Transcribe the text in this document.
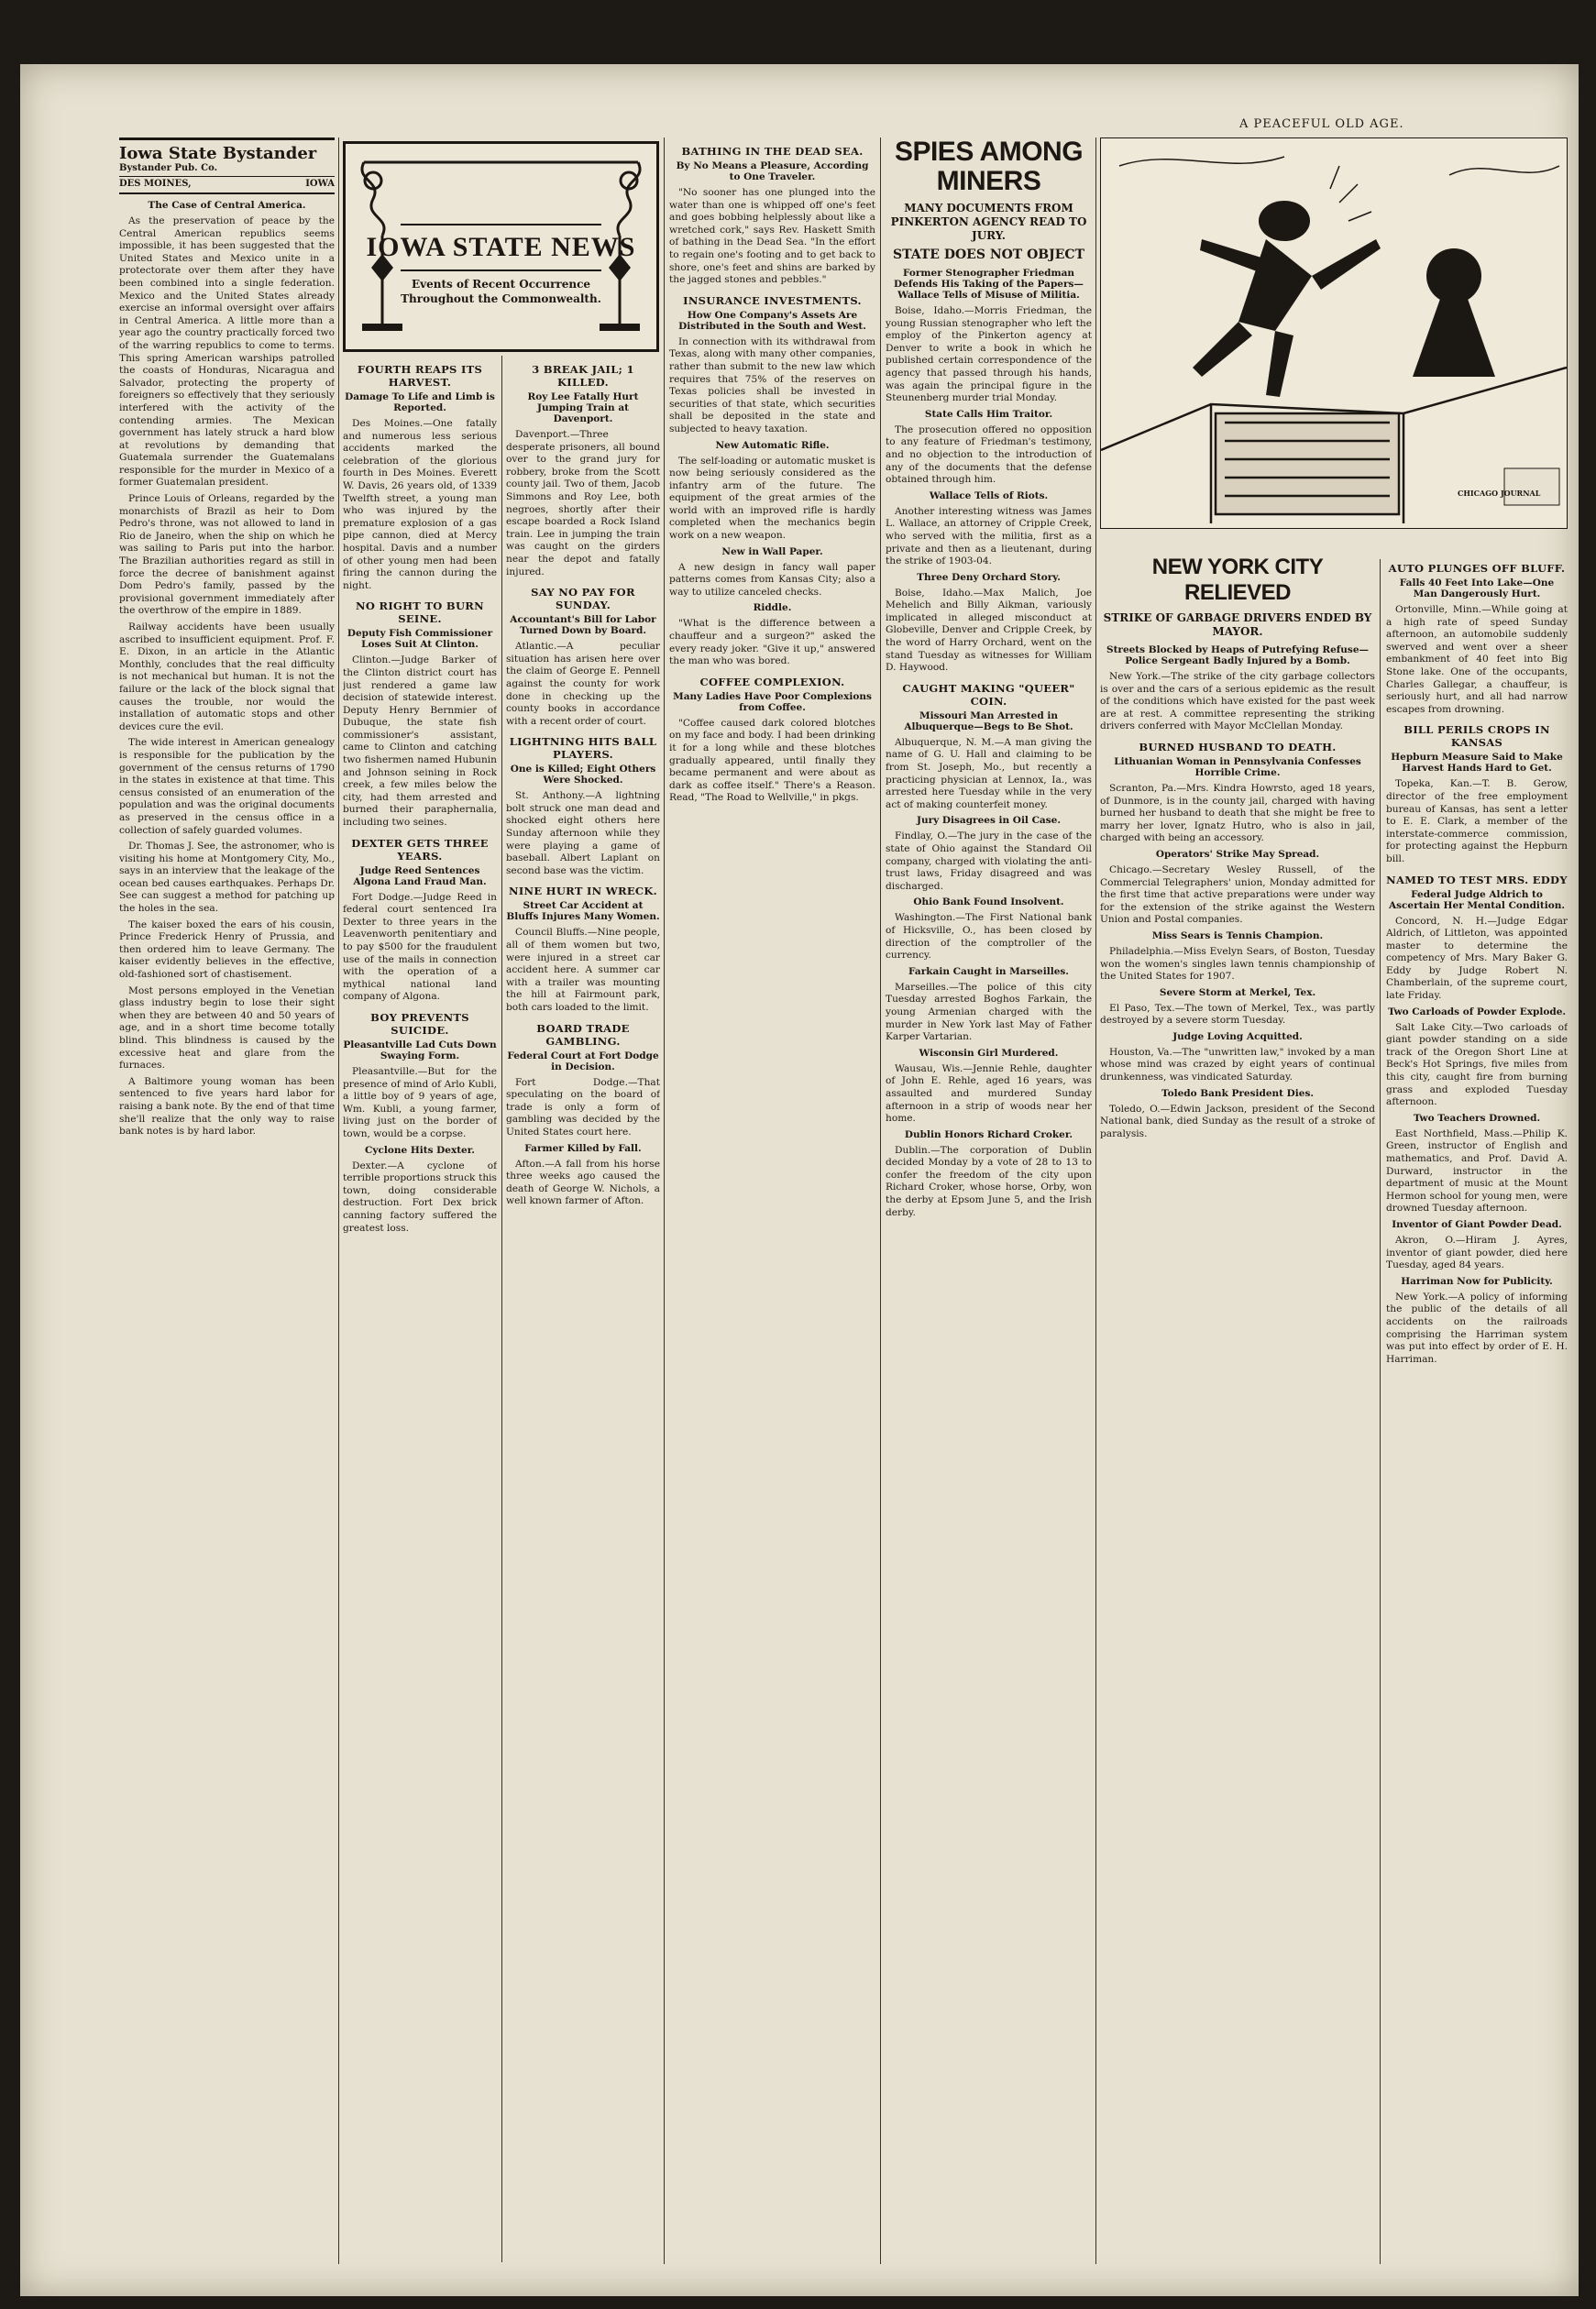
A PEACEFUL OLD AGE.
Iowa State Bystander
Bystander Pub. Co.
DES MOINES,	IOWA
The Case of Central America.

As the preservation of peace by the Central American republics seems impossible, it has been suggested that the United States and Mexico unite in a protectorate over them after they have been combined into a single federation. Mexico and the United States already exercise an informal oversight over affairs in Central America. A little more than a year ago the country practically forced two of the warring republics to come to terms. This spring American warships patrolled the coasts of Honduras, Nicaragua and Salvador, protecting the property of foreigners so effectively that they seriously interfered with the activity of the contending armies. The Mexican government has lately struck a hard blow at revolutions by demanding that Guatemala surrender the Guatemalans responsible for the murder in Mexico of a former Guatemalan president.

Prince Louis of Orleans, regarded by the monarchists of Brazil as heir to Dom Pedro's throne, was not allowed to land in Rio de Janeiro, when the ship on which he was sailing to Paris put into the harbor. The Brazilian authorities regard as still in force the decree of banishment against Dom Pedro's family, passed by the provisional government immediately after the overthrow of the empire in 1889.

Railway accidents have been usually ascribed to insufficient equipment. Prof. F. E. Dixon, in an article in the Atlantic Monthly, concludes that the real difficulty is not mechanical but human. It is not the failure or the lack of the block signal that causes the trouble, nor would the installation of automatic stops and other devices cure the evil.

The wide interest in American genealogy is responsible for the publication by the government of the census returns of 1790 in the states in existence at that time. This census consisted of an enumeration of the population and was the original documents as preserved in the census office in a collection of safely guarded volumes.

Dr. Thomas J. See, the astronomer, who is visiting his home at Montgomery City, Mo., says in an interview that the leakage of the ocean bed causes earthquakes. Perhaps Dr. See can suggest a method for patching up the holes in the sea.

The kaiser boxed the ears of his cousin, Prince Frederick Henry of Prussia, and then ordered him to leave Germany. The kaiser evidently believes in the effective, old-fashioned sort of chastisement.

Most persons employed in the Venetian glass industry begin to lose their sight when they are between 40 and 50 years of age, and in a short time become totally blind. This blindness is caused by the excessive heat and glare from the furnaces.

A Baltimore young woman has been sentenced to five years hard labor for raising a bank note. By the end of that time she'll realize that the only way to raise bank notes is by hard labor.

IOWA STATE NEWS
Events of Recent Occurrence Throughout the Commonwealth.
FOURTH REAPS ITS HARVEST.
Damage To Life and Limb is Reported.

Des Moines.—One fatally and numerous less serious accidents marked the celebration of the glorious fourth in Des Moines. Everett W. Davis, 26 years old, of 1339 Twelfth street, a young man who was injured by the premature explosion of a gas pipe cannon, died at Mercy hospital. Davis and a number of other young men had been firing the cannon during the night.

NO RIGHT TO BURN SEINE.
Deputy Fish Commissioner Loses Suit At Clinton.

Clinton.—Judge Barker of the Clinton district court has just rendered a game law decision of statewide interest. Deputy Henry Bernmier of Dubuque, the state fish commissioner's assistant, came to Clinton and catching two fishermen named Hubunin and Johnson seining in Rock creek, a few miles below the city, had them arrested and burned their paraphernalia, including two seines.

DEXTER GETS THREE YEARS.
Judge Reed Sentences Algona Land Fraud Man.

Fort Dodge.—Judge Reed in federal court sentenced Ira Dexter to three years in the Leavenworth penitentiary and to pay $500 for the fraudulent use of the mails in connection with the operation of a mythical national land company of Algona.

BOY PREVENTS SUICIDE.
Pleasantville Lad Cuts Down Swaying Form.

Pleasantville.—But for the presence of mind of Arlo Kubli, a little boy of 9 years of age, Wm. Kubli, a young farmer, living just on the border of town, would be a corpse.

Cyclone Hits Dexter.

Dexter.—A cyclone of terrible proportions struck this town, doing considerable destruction. Fort Dex brick canning factory suffered the greatest loss.

3 BREAK JAIL; 1 KILLED.
Roy Lee Fatally Hurt Jumping Train at Davenport.

Davenport.—Three desperate prisoners, all bound over to the grand jury for robbery, broke from the Scott county jail. Two of them, Jacob Simmons and Roy Lee, both negroes, shortly after their escape boarded a Rock Island train. Lee in jumping the train was caught on the girders near the depot and fatally injured.

SAY NO PAY FOR SUNDAY.
Accountant's Bill for Labor Turned Down by Board.

Atlantic.—A peculiar situation has arisen here over the claim of George E. Pennell against the county for work done in checking up the county books in accordance with a recent order of court.

LIGHTNING HITS BALL PLAYERS.
One is Killed; Eight Others Were Shocked.

St. Anthony.—A lightning bolt struck one man dead and shocked eight others here Sunday afternoon while they were playing a game of baseball. Albert Laplant on second base was the victim.

NINE HURT IN WRECK.
Street Car Accident at Bluffs Injures Many Women.

Council Bluffs.—Nine people, all of them women but two, were injured in a street car accident here. A summer car with a trailer was mounting the hill at Fairmount park, both cars loaded to the limit.

BOARD TRADE GAMBLING.
Federal Court at Fort Dodge in Decision.

Fort Dodge.—That speculating on the board of trade is only a form of gambling was decided by the United States court here.

Farmer Killed by Fall.

Afton.—A fall from his horse three weeks ago caused the death of George W. Nichols, a well known farmer of Afton.

BATHING IN THE DEAD SEA.
By No Means a Pleasure, According to One Traveler.

"No sooner has one plunged into the water than one is whipped off one's feet and goes bobbing helplessly about like a wretched cork," says Rev. Haskett Smith of bathing in the Dead Sea. "In the effort to regain one's footing and to get back to shore, one's feet and shins are barked by the jagged stones and pebbles."

INSURANCE INVESTMENTS.
How One Company's Assets Are Distributed in the South and West.

In connection with its withdrawal from Texas, along with many other companies, rather than submit to the new law which requires that 75% of the reserves on Texas policies shall be invested in securities of that state, which securities shall be deposited in the state and subjected to heavy taxation.

New Automatic Rifle.

The self-loading or automatic musket is now being seriously considered as the infantry arm of the future. The equipment of the great armies of the world with an improved rifle is hardly completed when the mechanics begin work on a new weapon.

New in Wall Paper.

A new design in fancy wall paper patterns comes from Kansas City; also a way to utilize canceled checks.

Riddle.

"What is the difference between a chauffeur and a surgeon?" asked the every ready joker. "Give it up," answered the man who was bored.

COFFEE COMPLEXION.
Many Ladies Have Poor Complexions from Coffee.

"Coffee caused dark colored blotches on my face and body. I had been drinking it for a long while and these blotches gradually appeared, until finally they became permanent and were about as dark as coffee itself." There's a Reason. Read, "The Road to Wellville," in pkgs.

SPIES AMONG MINERS
MANY DOCUMENTS FROM PINKERTON AGENCY READ TO JURY.
STATE DOES NOT OBJECT
Former Stenographer Friedman Defends His Taking of the Papers—Wallace Tells of Misuse of Militia.

Boise, Idaho.—Morris Friedman, the young Russian stenographer who left the employ of the Pinkerton agency at Denver to write a book in which he published certain correspondence of the agency that passed through his hands, was again the principal figure in the Steunenberg murder trial Monday.

State Calls Him Traitor.

The prosecution offered no opposition to any feature of Friedman's testimony, and no objection to the introduction of any of the documents that the defense obtained through him.

Wallace Tells of Riots.

Another interesting witness was James L. Wallace, an attorney of Cripple Creek, who served with the militia, first as a private and then as a lieutenant, during the strike of 1903-04.

Three Deny Orchard Story.

Boise, Idaho.—Max Malich, Joe Mehelich and Billy Aikman, variously implicated in alleged misconduct at Globeville, Denver and Cripple Creek, by the word of Harry Orchard, went on the stand Tuesday as witnesses for William D. Haywood.

CAUGHT MAKING "QUEER" COIN.
Missouri Man Arrested in Albuquerque—Begs to Be Shot.

Albuquerque, N. M.—A man giving the name of G. U. Hall and claiming to be from St. Joseph, Mo., but recently a practicing physician at Lennox, Ia., was arrested here Tuesday while in the very act of making counterfeit money.

Jury Disagrees in Oil Case.

Findlay, O.—The jury in the case of the state of Ohio against the Standard Oil company, charged with violating the anti-trust laws, Friday disagreed and was discharged.

Ohio Bank Found Insolvent.

Washington.—The First National bank of Hicksville, O., has been closed by direction of the comptroller of the currency.

Farkain Caught in Marseilles.

Marseilles.—The police of this city Tuesday arrested Boghos Farkain, the young Armenian charged with the murder in New York last May of Father Karper Vartarian.

Wisconsin Girl Murdered.

Wausau, Wis.—Jennie Rehle, daughter of John E. Rehle, aged 16 years, was assaulted and murdered Sunday afternoon in a strip of woods near her home.

Dublin Honors Richard Croker.

Dublin.—The corporation of Dublin decided Monday by a vote of 28 to 13 to confer the freedom of the city upon Richard Croker, whose horse, Orby, won the derby at Epsom June 5, and the Irish derby.

CHICAGO JOURNAL
NEW YORK CITY RELIEVED
STRIKE OF GARBAGE DRIVERS ENDED BY MAYOR.
Streets Blocked by Heaps of Putrefying Refuse—Police Sergeant Badly Injured by a Bomb.

New York.—The strike of the city garbage collectors is over and the cars of a serious epidemic as the result of the conditions which have existed for the past week are at rest. A committee representing the striking drivers conferred with Mayor McClellan Monday.

BURNED HUSBAND TO DEATH.
Lithuanian Woman in Pennsylvania Confesses Horrible Crime.

Scranton, Pa.—Mrs. Kindra Howrsto, aged 18 years, of Dunmore, is in the county jail, charged with having burned her husband to death that she might be free to marry her lover, Ignatz Hutro, who is also in jail, charged with being an accessory.

Operators' Strike May Spread.

Chicago.—Secretary Wesley Russell, of the Commercial Telegraphers' union, Monday admitted for the first time that active preparations were under way for the extension of the strike against the Western Union and Postal companies.

Miss Sears is Tennis Champion.

Philadelphia.—Miss Evelyn Sears, of Boston, Tuesday won the women's singles lawn tennis championship of the United States for 1907.

Severe Storm at Merkel, Tex.

El Paso, Tex.—The town of Merkel, Tex., was partly destroyed by a severe storm Tuesday.

Judge Loving Acquitted.

Houston, Va.—The "unwritten law," invoked by a man whose mind was crazed by eight years of continual drunkenness, was vindicated Saturday.

Toledo Bank President Dies.

Toledo, O.—Edwin Jackson, president of the Second National bank, died Sunday as the result of a stroke of paralysis.

AUTO PLUNGES OFF BLUFF.
Falls 40 Feet Into Lake—One Man Dangerously Hurt.

Ortonville, Minn.—While going at a high rate of speed Sunday afternoon, an automobile suddenly swerved and went over a sheer embankment of 40 feet into Big Stone lake. One of the occupants, Charles Gallegar, a chauffeur, is seriously hurt, and all had narrow escapes from drowning.

BILL PERILS CROPS IN KANSAS
Hepburn Measure Said to Make Harvest Hands Hard to Get.

Topeka, Kan.—T. B. Gerow, director of the free employment bureau of Kansas, has sent a letter to E. E. Clark, a member of the interstate-commerce commission, for protecting against the Hepburn bill.

NAMED TO TEST MRS. EDDY
Federal Judge Aldrich to Ascertain Her Mental Condition.

Concord, N. H.—Judge Edgar Aldrich, of Littleton, was appointed master to determine the competency of Mrs. Mary Baker G. Eddy by Judge Robert N. Chamberlain, of the supreme court, late Friday.

Two Carloads of Powder Explode.

Salt Lake City.—Two carloads of giant powder standing on a side track of the Oregon Short Line at Beck's Hot Springs, five miles from this city, caught fire from burning grass and exploded Tuesday afternoon.

Two Teachers Drowned.

East Northfield, Mass.—Philip K. Green, instructor of English and mathematics, and Prof. David A. Durward, instructor in the department of music at the Mount Hermon school for young men, were drowned Tuesday afternoon.

Inventor of Giant Powder Dead.

Akron, O.—Hiram J. Ayres, inventor of giant powder, died here Tuesday, aged 84 years.

Harriman Now for Publicity.

New York.—A policy of informing the public of the details of all accidents on the railroads comprising the Harriman system was put into effect by order of E. H. Harriman.
